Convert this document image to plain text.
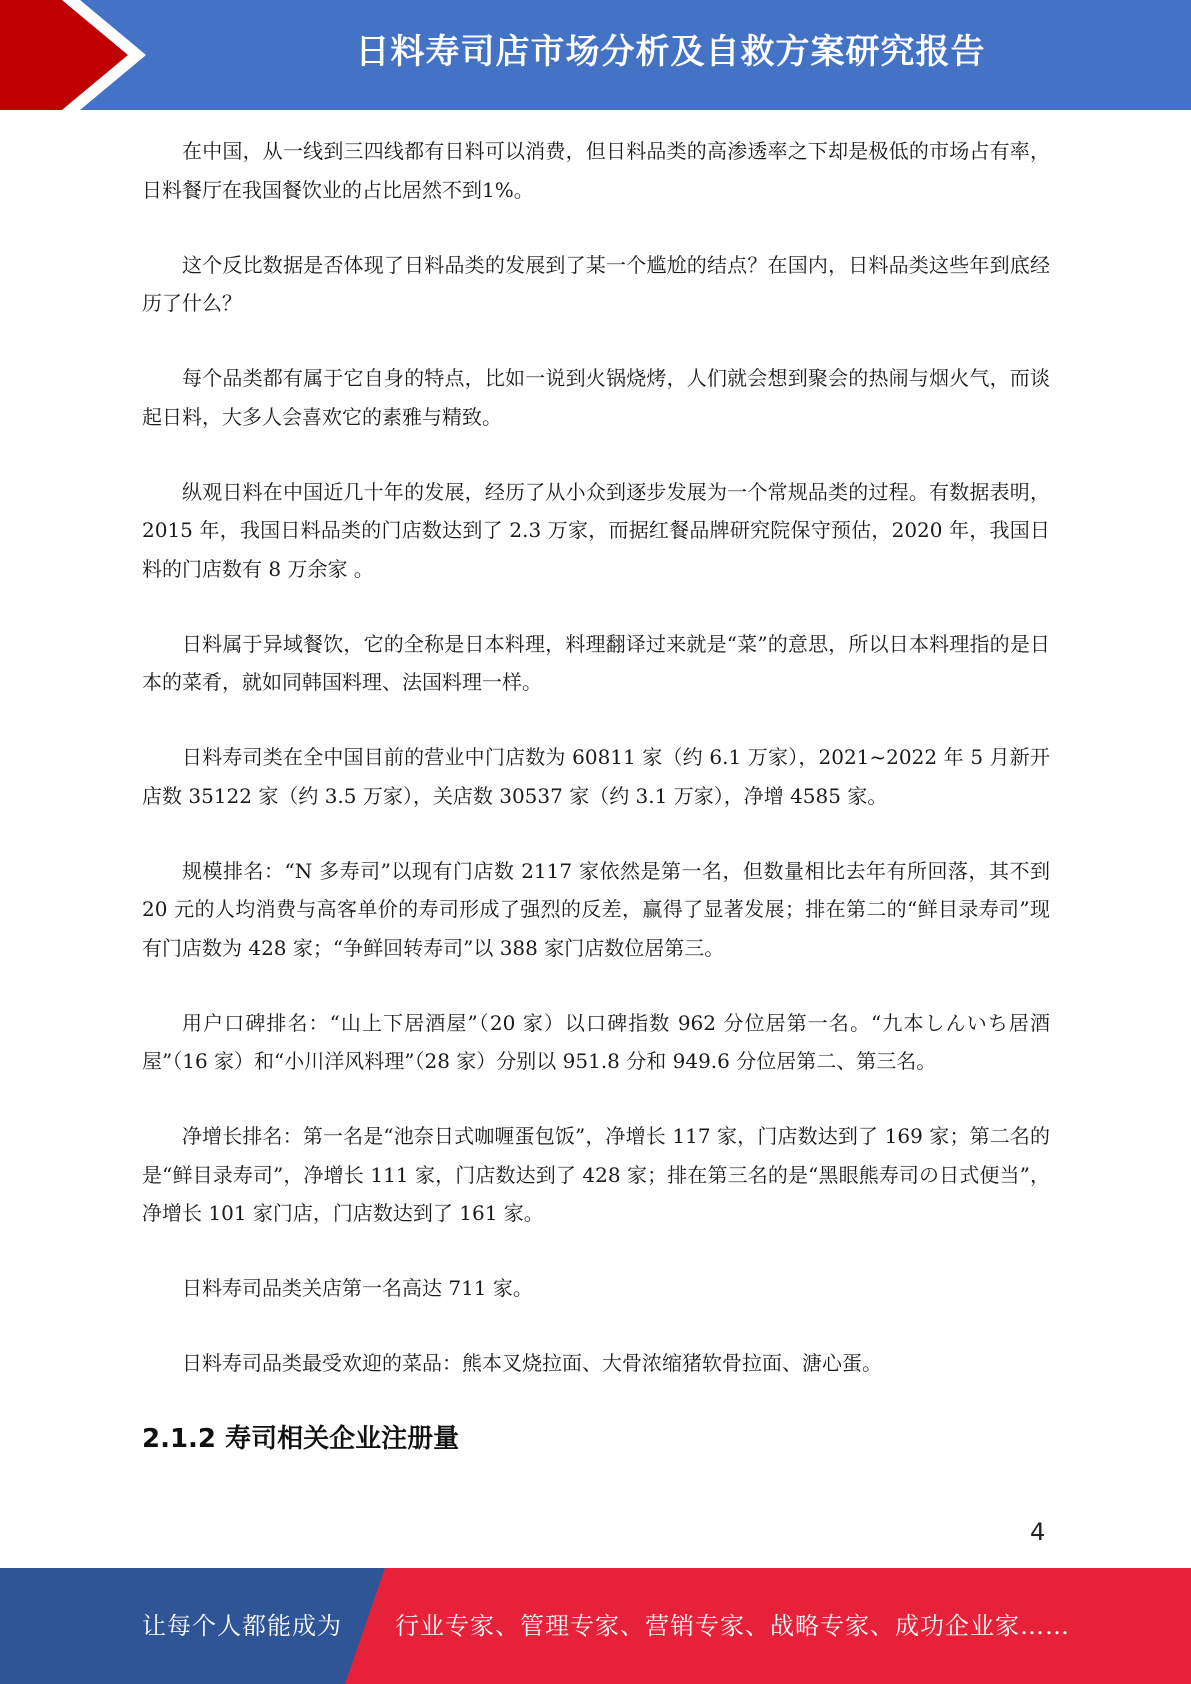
日料寿司店市场分析及自救方案研究报告

在中国，从一线到三四线都有日料可以消费，但日料品类的高渗透率之下却是极低的市场占有率，日料餐厅在我国餐饮业的占比居然不到1%。

这个反比数据是否体现了日料品类的发展到了某一个尴尬的结点？在国内，日料品类这些年到底经历了什么？

每个品类都有属于它自身的特点，比如一说到火锅烧烤，人们就会想到聚会的热闹与烟火气，而谈起日料，大多人会喜欢它的素雅与精致。

纵观日料在中国近几十年的发展，经历了从小众到逐步发展为一个常规品类的过程。有数据表明，2015 年，我国日料品类的门店数达到了 2.3 万家，而据红餐品牌研究院保守预估，2020 年，我国日料的门店数有 8 万余家 。

日料属于异域餐饮，它的全称是日本料理，料理翻译过来就是“菜”的意思，所以日本料理指的是日本的菜肴，就如同韩国料理、法国料理一样。

日料寿司类在全中国目前的营业中门店数为 60811 家（约 6.1 万家），2021~2022 年 5 月新开店数 35122 家（约 3.5 万家），关店数 30537 家（约 3.1 万家），净增 4585 家。

规模排名：“N 多寿司”以现有门店数 2117 家依然是第一名，但数量相比去年有所回落，其不到 20 元的人均消费与高客单价的寿司形成了强烈的反差，赢得了显著发展；排在第二的“鲜目录寿司”现有门店数为 428 家；“争鲜回转寿司”以 388 家门店数位居第三。

用户口碑排名：“山上下居酒屋”（20 家）以口碑指数 962 分位居第一名。“九本しんいち居酒屋”（16 家）和“小川洋风料理”（28 家）分别以 951.8 分和 949.6 分位居第二、第三名。

净增长排名：第一名是“池奈日式咖喱蛋包饭”，净增长 117 家，门店数达到了 169 家；第二名的是“鲜目录寿司”，净增长 111 家，门店数达到了 428 家；排在第三名的是“黑眼熊寿司の日式便当”，净增长 101 家门店，门店数达到了 161 家。

日料寿司品类关店第一名高达 711 家。

日料寿司品类最受欢迎的菜品：熊本叉烧拉面、大骨浓缩猪软骨拉面、溏心蛋。

2.1.2 寿司相关企业注册量
4
让每个人都能成为 行业专家、管理专家、营销专家、战略专家、成功企业家……
